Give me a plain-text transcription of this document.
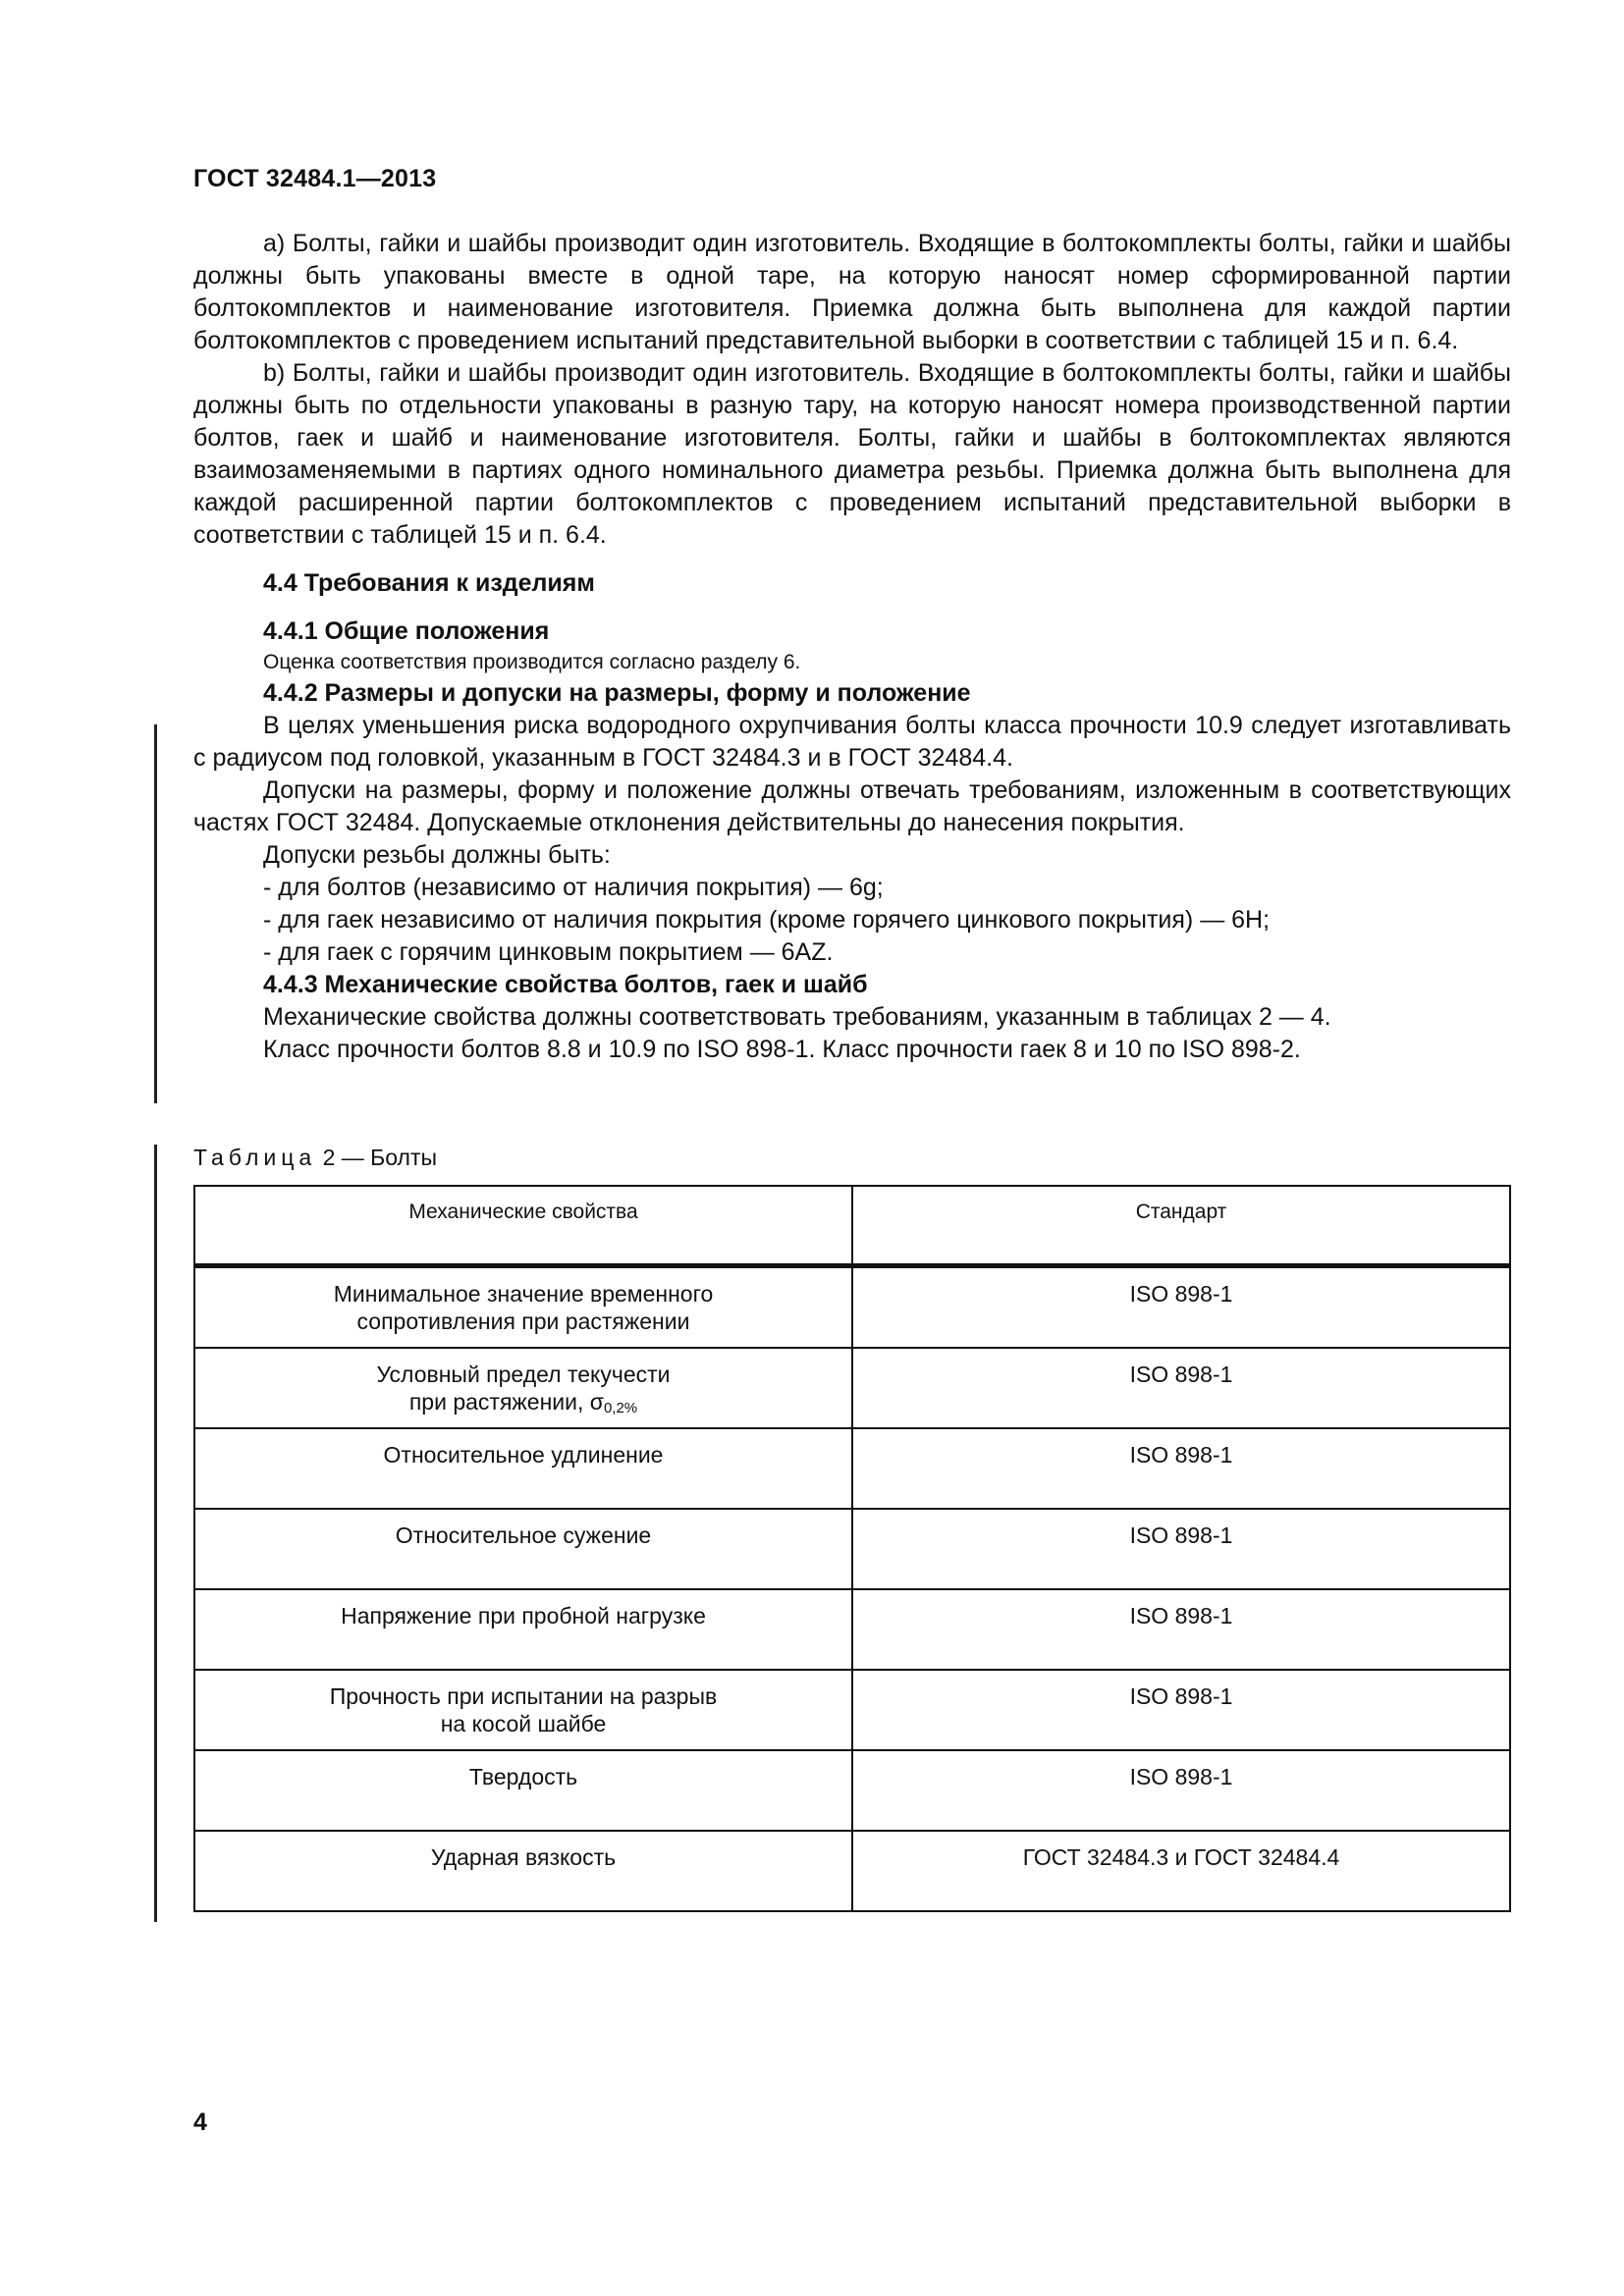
ГОСТ 32484.1—2013

а) Болты, гайки и шайбы производит один изготовитель. Входящие в болтокомплекты болты, гайки и шайбы должны быть упакованы вместе в одной таре, на которую наносят номер сформированной партии болтокомплектов и наименование изготовителя. Приемка должна быть выполнена для каждой партии болтокомплектов с проведением испытаний представительной выборки в соответствии с таблицей 15 и п. 6.4.

b) Болты, гайки и шайбы производит один изготовитель. Входящие в болтокомплекты болты, гайки и шайбы должны быть по отдельности упакованы в разную тару, на которую наносят номера производственной партии болтов, гаек и шайб и наименование изготовителя. Болты, гайки и шайбы в болтокомплектах являются взаимозаменяемыми в партиях одного номинального диаметра резьбы. Приемка должна быть выполнена для каждой расширенной партии болтокомплектов с проведением испытаний представительной выборки в соответствии с таблицей 15 и п. 6.4.

4.4 Требования к изделиям

4.4.1 Общие положения

Оценка соответствия производится согласно разделу 6.

4.4.2 Размеры и допуски на размеры, форму и положение

В целях уменьшения риска водородного охрупчивания болты класса прочности 10.9 следует изготавливать с радиусом под головкой, указанным в ГОСТ 32484.3 и в ГОСТ 32484.4.

Допуски на размеры, форму и положение должны отвечать требованиям, изложенным в соответствующих частях ГОСТ 32484. Допускаемые отклонения действительны до нанесения покрытия.

Допуски резьбы должны быть:

- для болтов (независимо от наличия покрытия) — 6g;

- для гаек независимо от наличия покрытия (кроме горячего цинкового покрытия) — 6Н;

- для гаек с горячим цинковым покрытием — 6AZ.

4.4.3 Механические свойства болтов, гаек и шайб

Механические свойства должны соответствовать требованиям, указанным в таблицах 2 — 4.

Класс прочности болтов 8.8 и 10.9 по ISO 898-1. Класс прочности гаек 8 и 10 по ISO 898-2.

Таблица 2 — Болты
Механические свойства	Стандарт
Минимальное значение временного
сопротивления при растяжении	ISO 898-1
Условный предел текучести
при растяжении, $\sigma_{0,2\%}$	ISO 898-1
Относительное удлинение	ISO 898-1
Относительное сужение	ISO 898-1
Напряжение при пробной нагрузке	ISO 898-1
Прочность при испытании на разрыв
на косой шайбе	ISO 898-1
Твердость	ISO 898-1
Ударная вязкость	ГОСТ 32484.3 и ГОСТ 32484.4
4
